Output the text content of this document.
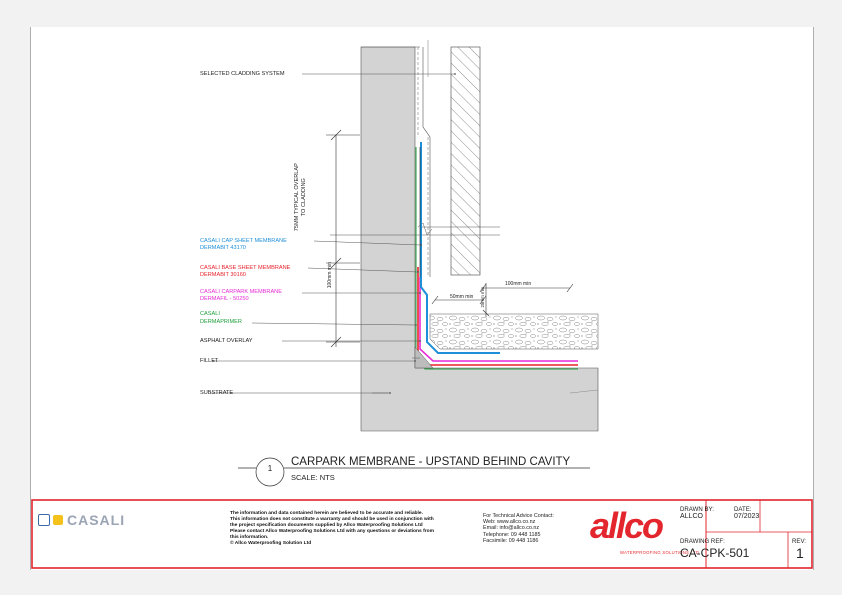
SELECTED CLADDING SYSTEM
CASALI CAP SHEET MEMBRANE
DERMABIT 43170
CASALI BASE SHEET MEMBRANE
DERMABIT 30160
CASALI CARPARK MEMBRANE
DERMAFIL - 50250
CASALI
DERMAPRIMER
ASPHALT OVERLAY
FILLET
SUBSTRATE
75MM TYPICAL OVERLAP TO CLADDING
100mm min	100mm min
50mm min 25mm min
1
CARPARK MEMBRANE - UPSTAND BEHIND CAVITY
SCALE: NTS
CASALI	The information and data contained herein are believed to be accurate and reliable.
This information does not constitute a warranty and should be used in conjunction with
the project specification documents supplied by Allco Waterproofing Solutions Ltd
Please contact Allco Waterproofing Solutions Ltd with any questions or deviations from
this information.
© Allco Waterproofing Solution Ltd
For Technical Advice Contact:
Web: www.allco.co.nz
Email: info@allco.co.nz
Telephone: 09 448 1185
Facsimile: 09 448 1186	allco
WATERPROOFING SOLUTIONS LTD
DRAWN BY:
ALLCO
DATE:
07/2023
DRAWING REF:
CA-CPK-501
REV:
1
